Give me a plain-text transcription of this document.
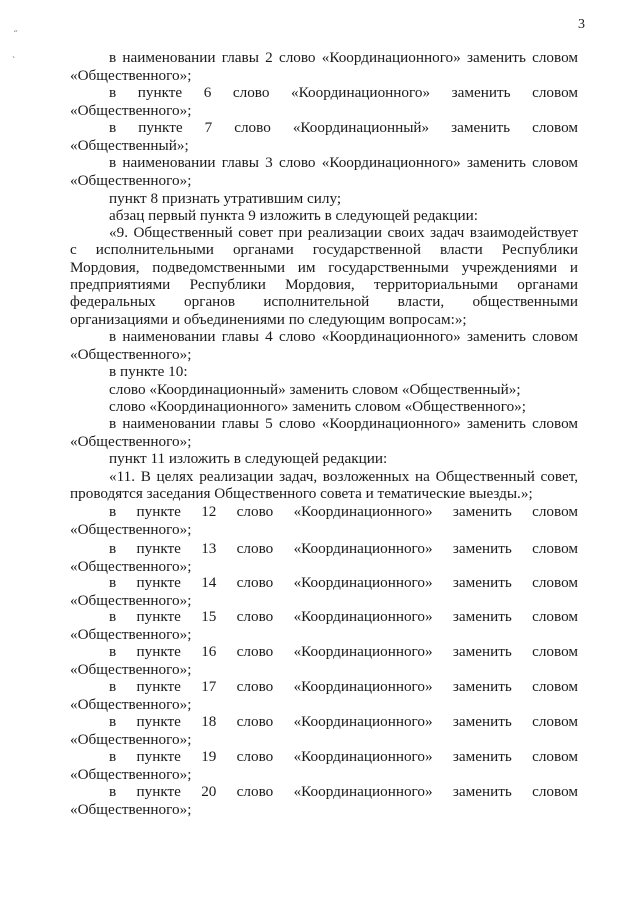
3
˝
`	в наименовании главы 2 слово «Координационного» заменить словом
«Общественного»;
в пункте 6 слово «Координационного» заменить словом
«Общественного»;
в пункте 7 слово «Координационный» заменить словом
«Общественный»;
в наименовании главы 3 слово «Координационного» заменить словом
«Общественного»;
пункт 8 признать утратившим силу;
абзац первый пункта 9 изложить в следующей редакции:
«9. Общественный совет при реализации своих задач взаимодействует
с исполнительными органами государственной власти Республики
Мордовия, подведомственными им государственными учреждениями и
предприятиями Республики Мордовия, территориальными органами
федеральных органов исполнительной власти, общественными
организациями и объединениями по следующим вопросам:»;
в наименовании главы 4 слово «Координационного» заменить словом
«Общественного»;
в пункте 10:
слово «Координационный» заменить словом «Общественный»;
слово «Координационного» заменить словом «Общественного»;
в наименовании главы 5 слово «Координационного» заменить словом
«Общественного»;
пункт 11 изложить в следующей редакции:
«11. В целях реализации задач, возложенных на Общественный совет,
проводятся заседания Общественного совета и тематические выезды.»;
в пункте 12 слово «Координационного» заменить словом
«Общественного»;
в пункте 13 слово «Координационного» заменить словом
«Общественного»;
в пункте 14 слово «Координационного» заменить словом
«Общественного»;
в пункте 15 слово «Координационного» заменить словом
«Общественного»;
в пункте 16 слово «Координационного» заменить словом
«Общественного»;
в пункте 17 слово «Координационного» заменить словом
«Общественного»;
в пункте 18 слово «Координационного» заменить словом
«Общественного»;
в пункте 19 слово «Координационного» заменить словом
«Общественного»;
в пункте 20 слово «Координационного» заменить словом
«Общественного»;
